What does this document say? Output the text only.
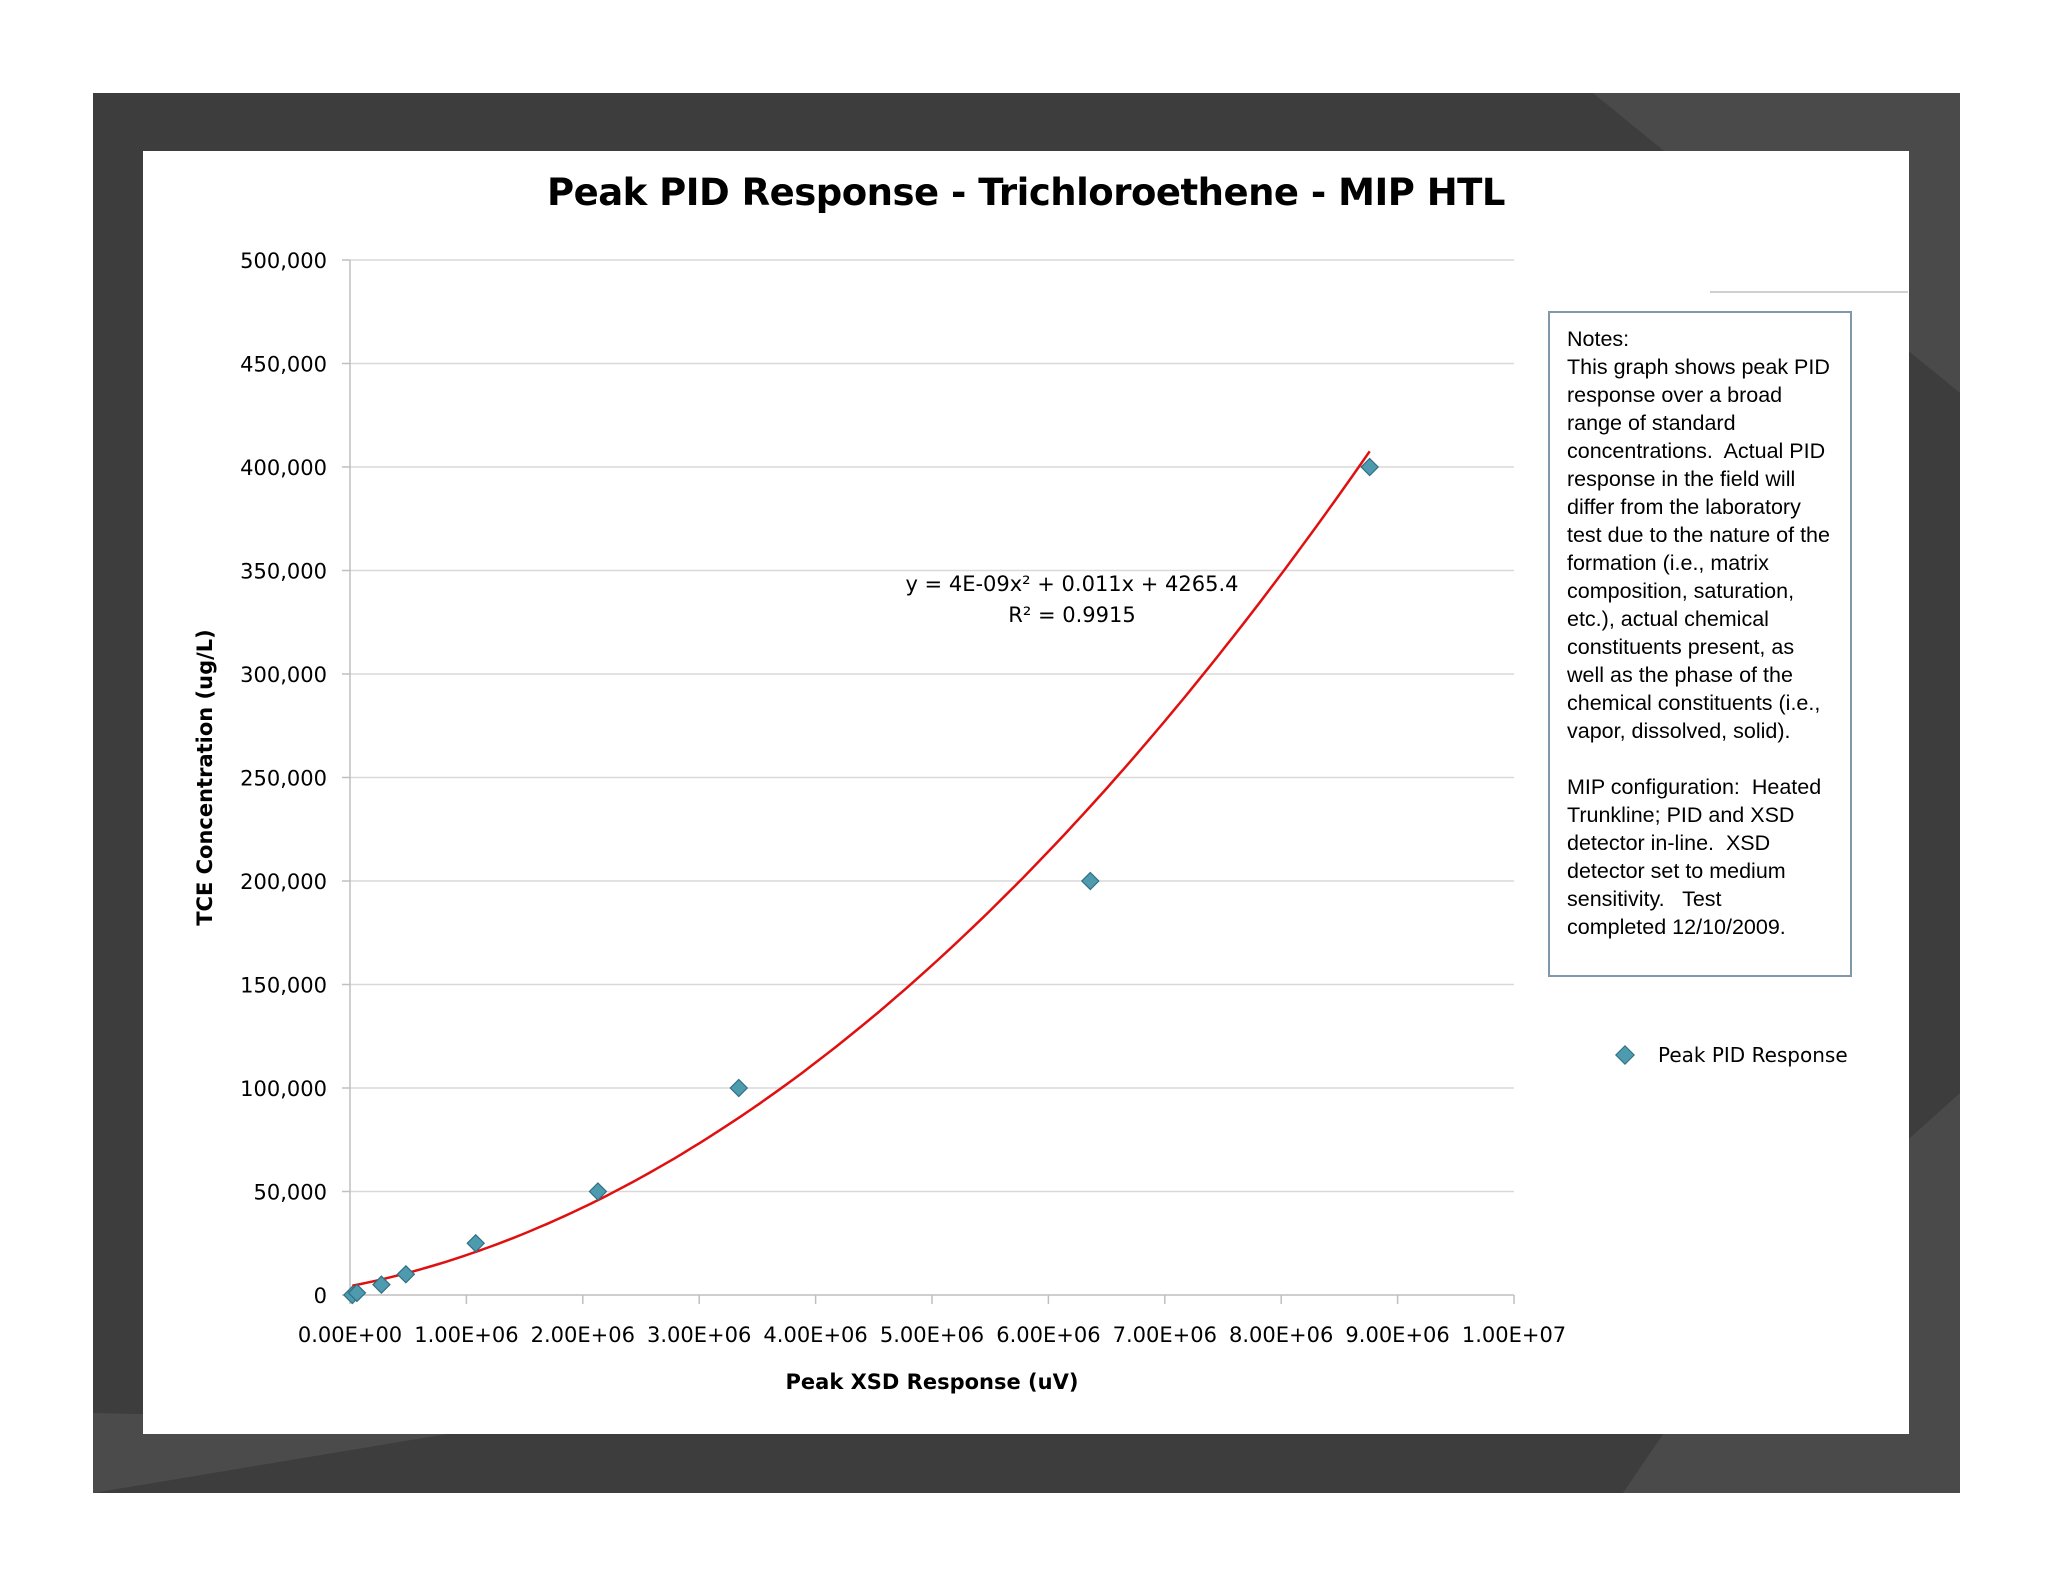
Peak PID Response - Trichloroethene - MIP HTL
0
50,000
100,000
150,000
200,000
250,000
300,000
350,000
400,000
450,000
500,000
0.00E+00 1.00E+06 2.00E+06 3.00E+06 4.00E+06 5.00E+06 6.00E+06 7.00E+06 8.00E+06 9.00E+06 1.00E+07
Peak XSD Response (uV)
TCE Concentration (ug/L)
y = 4E-09x² + 0.011x + 4265.4
R² = 0.9915
Notes:
This graph shows peak PID
response over a broad
range of standard
concentrations.  Actual PID
response in the field will
differ from the laboratory
test due to the nature of the
formation (i.e., matrix
composition, saturation,
etc.), actual chemical
constituents present, as
well as the phase of the
chemical constituents (i.e.,
vapor, dissolved, solid).

MIP configuration:  Heated
Trunkline; PID and XSD
detector in-line.  XSD
detector set to medium
sensitivity.   Test
completed 12/10/2009.
Peak PID Response
